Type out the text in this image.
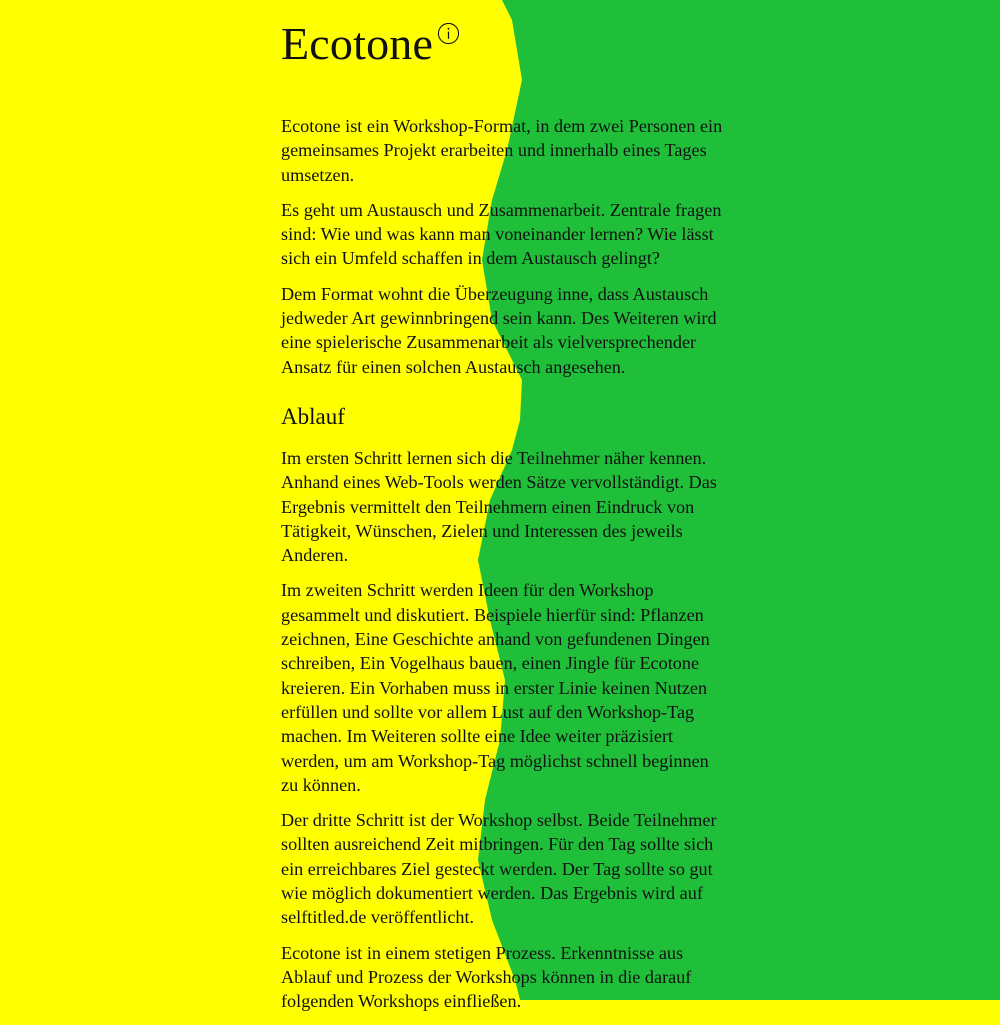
Ecotone

Ecotone ist ein Workshop-Format, in dem zwei Personen ein gemeinsames Projekt erarbeiten und innerhalb eines Tages umsetzen.

Es geht um Austausch und Zusammenarbeit. Zentrale fragen sind: Wie und was kann man voneinander lernen? Wie lässt sich ein Umfeld schaffen in dem Austausch gelingt?

Dem Format wohnt die Überzeugung inne, dass Austausch jedweder Art gewinnbringend sein kann. Des Weiteren wird eine spielerische Zusammenarbeit als vielversprechender Ansatz für einen solchen Austausch angesehen.

Ablauf

Im ersten Schritt lernen sich die Teilnehmer näher kennen. Anhand eines Web-Tools werden Sätze vervollständigt. Das Ergebnis vermittelt den Teilnehmern einen Eindruck von Tätigkeit, Wünschen, Zielen und Interessen des jeweils Anderen.

Im zweiten Schritt werden Ideen für den Workshop gesammelt und diskutiert. Beispiele hierfür sind: Pflanzen zeichnen, Eine Geschichte anhand von gefundenen Dingen schreiben, Ein Vogelhaus bauen, einen Jingle für Ecotone kreieren. Ein Vorhaben muss in erster Linie keinen Nutzen erfüllen und sollte vor allem Lust auf den Workshop-Tag machen. Im Weiteren sollte eine Idee weiter präzisiert werden, um am Workshop-Tag möglichst schnell beginnen zu können.

Der dritte Schritt ist der Workshop selbst. Beide Teilnehmer sollten ausreichend Zeit mitbringen. Für den Tag sollte sich ein erreichbares Ziel gesteckt werden. Der Tag sollte so gut wie möglich dokumentiert werden. Das Ergebnis wird auf selftitled.de veröffentlicht.

Ecotone ist in einem stetigen Prozess. Erkenntnisse aus Ablauf und Prozess der Workshops können in die darauf folgenden Workshops einfließen.
